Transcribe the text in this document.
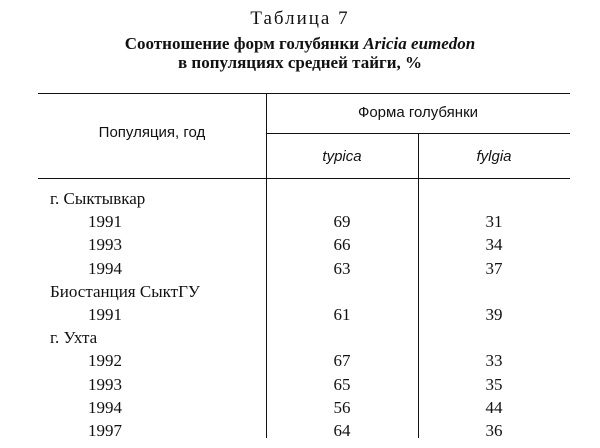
Таблица 7
Соотношение форм голубянки Aricia eumedon
в популяциях средней тайги, %
Популяция, год
Форма голубянки
typica	fylgia
г. Сыктывкар
1991	69	31
1993	66	34
1994	63	37
Биостанция СыктГУ
1991	61	39
г. Ухта
1992	67	33
1993	65	35
1994	56	44
1997	64	36
